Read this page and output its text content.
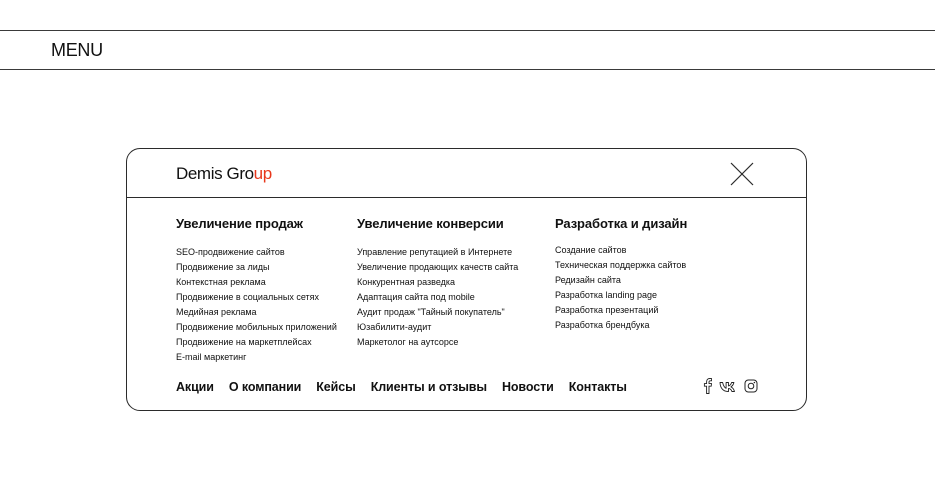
MENU
Demis Group

Увеличение продаж

SEO-продвижение сайтов
Продвижение за лиды
Контекстная реклама
Продвижение в социальных сетях
Медийная реклама
Продвижение мобильных приложений
Продвижение на маркетплейсах
E-mail маркетинг

Увеличение конверсии

Управление репутацией в Интернете
Увеличение продающих качеств сайта
Конкурентная разведка
Адаптация сайта под mobile
Аудит продаж "Тайный покупатель"
Юзабилити-аудит
Маркетолог на аутсорсе

Разработка и дизайн

Создание сайтов
Техническая поддержка сайтов
Редизайн сайта
Разработка landing page
Разработка презентаций
Разработка брендбука
Акции О компании Кейсы Клиенты и отзывы Новости Контакты
